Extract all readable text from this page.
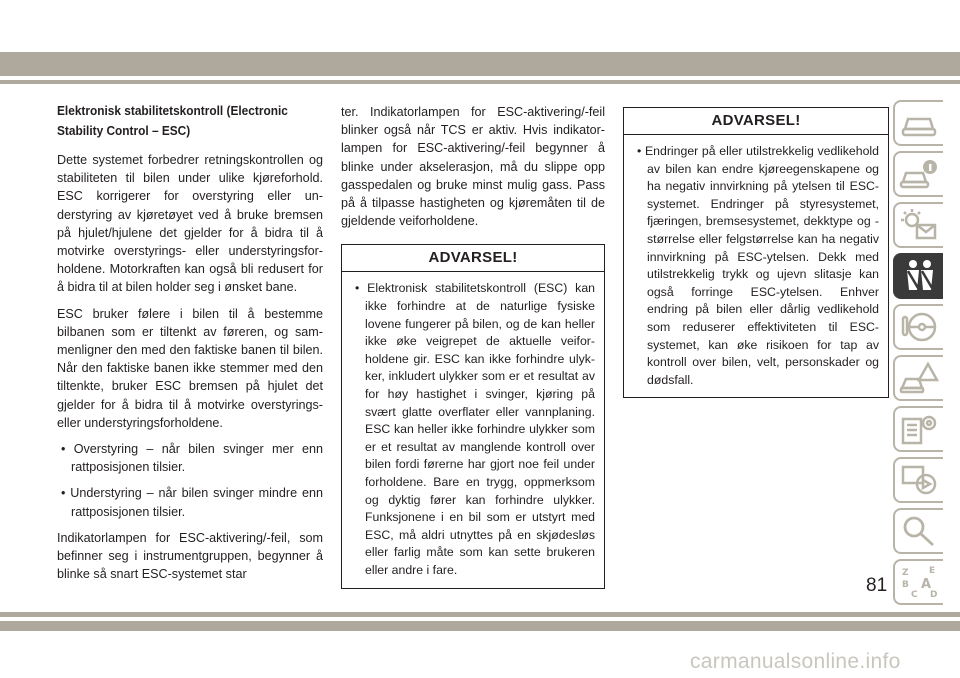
Elektronisk stabilitetskontroll (Electronic Stability Control – ESC)

Dette systemet forbedrer retningskontrollen og stabiliteten til bilen under ulike kjøreforhold. ESC korrigerer for overstyring eller understyring av kjøretøyet ved å bruke bremsen på hjulet/hjulene det gjelder for å bidra til å motvirke overstyrings- eller understyringsforholdene. Motorkraften kan også bli redusert for å bidra til at bilen holder seg i ønsket bane.

ESC bruker følere i bilen til å bestemme bilbanen som er tiltenkt av føreren, og sammenligner den med den faktiske banen til bilen. Når den faktiske banen ikke stemmer med den tiltenkte, bruker ESC bremsen på hjulet det gjelder for å bidra til å motvirke overstyrings- eller understyringsforholdene.

• Overstyring – når bilen svinger mer enn rattposisjonen tilsier.

• Understyring – når bilen svinger mindre enn rattposisjonen tilsier.

Indikatorlampen for ESC-aktivering/-feil, som befinner seg i instrumentgruppen, begynner å blinke så snart ESC-systemet star

ter. Indikatorlampen for ESC-aktivering/-feil blinker også når TCS er aktiv. Hvis indikatorlampen for ESC-aktivering/-feil begynner å blinke under akselerasjon, må du slippe opp gasspedalen og bruke minst mulig gass. Pass på å tilpasse hastigheten og kjøremåten til de gjeldende veiforholdene.

ADVARSEL!

• Elektronisk stabilitetskontroll (ESC) kan ikke forhindre at de naturlige fysiske lovene fungerer på bilen, og de kan heller ikke øke veigrepet de aktuelle veiforholdene gir. ESC kan ikke forhindre ulykker, inkludert ulykker som er et resultat av for høy hastighet i svinger, kjøring på svært glatte overflater eller vannplaning. ESC kan heller ikke forhindre ulykker som er et resultat av manglende kontroll over bilen fordi førerne har gjort noe feil under forholdene. Bare en trygg, oppmerksom og dyktig fører kan forhindre ulykker. Funksjonene i en bil som er utstyrt med ESC, må aldri utnyttes på en skjødesløs eller farlig måte som kan sette brukeren eller andre i fare.

ADVARSEL!

• Endringer på eller utilstrekkelig vedlikehold av bilen kan endre kjøreegenskapene og ha negativ innvirkning på ytelsen til ESC-systemet. Endringer på styresystemet, fjæringen, bremsesystemet, dekktype og -størrelse eller felgstørrelse kan ha negativ innvirkning på ESC-ytelsen. Dekk med utilstrekkelig trykk og ujevn slitasje kan også forringe ESC-ytelsen. Enhver endring på bilen eller dårlig vedlikehold som reduserer effektiviteten til ESC-systemet, kan øke risikoen for tap av kontroll over bilen, velt, personskader og dødsfall.

Z E
B A
C D
81
carmanualsonline.info
